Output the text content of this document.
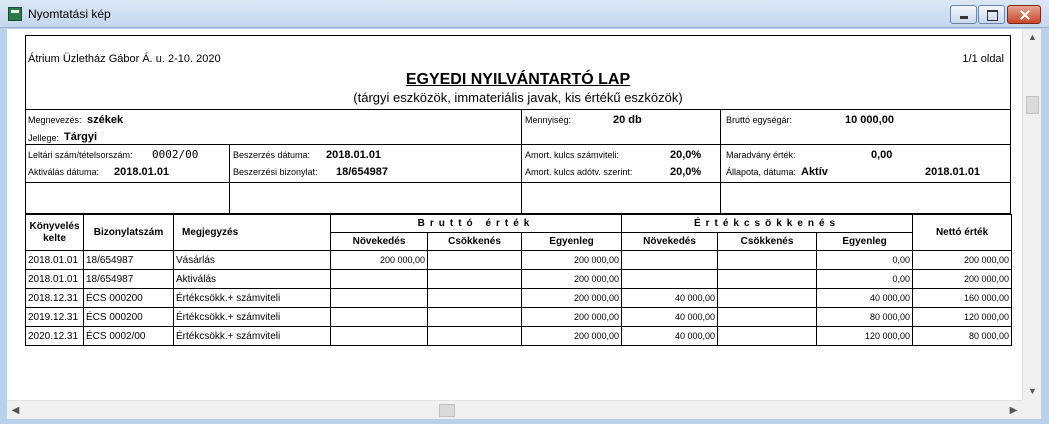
Nyomtatási kép
Átrium Üzletház Gábor Á. u. 2-10. 2020	1/1 oldal
EGYEDI NYILVÁNTARTÓ LAP
(tárgyi eszközök, immateriális javak, kis értékű eszközök)
Megnevezés: székek
Jellege: Tárgyi
Mennyiség:	20 db	Bruttó egységár:	10 000,00
Leltári szám/tételsorszám: 0002/00
Aktiválás dátuma: 2018.01.01
Beszerzés dátuma: 2018.01.01
Beszerzési bizonylat: 18/654987
Amort. kulcs számviteli:	20,0%
Amort. kulcs adótv. szerint:	20,0%
Maradvány érték:	0,00
Állapota, dátuma: Aktív	2018.01.01
Könyvelés kelte	Bizonylatszám	Megjegyzés	Bruttó érték			Értékcsökkenés			Nettó érték
			Növekedés	Csökkenés	Egyenleg	Növekedés	Csökkenés	Egyenleg	
2018.01.01	18/654987	Vásárlás	200 000,00		200 000,00			0,00	200 000,00
2018.01.01	18/654987	Aktiválás			200 000,00			0,00	200 000,00
2018.12.31	ÉCS 000200	Értékcsökk.+ számviteli			200 000,00	40 000,00		40 000,00	160 000,00
2019.12.31	ÉCS 000200	Értékcsökk.+ számviteli			200 000,00	40 000,00		80 000,00	120 000,00
2020.12.31	ÉCS 0002/00	Értékcsökk.+ számviteli			200 000,00	40 000,00		120 000,00	80 000,00
▲
▼
◀	▶
